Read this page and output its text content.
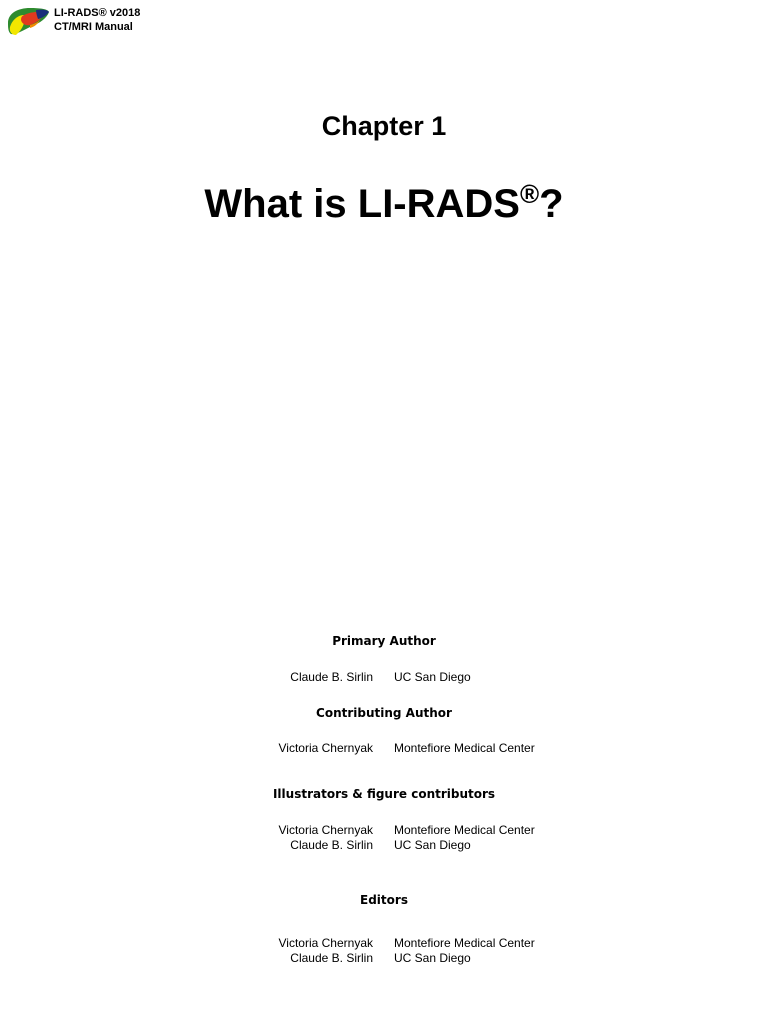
LI-RADS® v2018
CT/MRI Manual
Chapter 1
What is LI-RADS®?
Primary Author
Claude B. Sirlin UC San Diego
Contributing Author
Victoria Chernyak Montefiore Medical Center
Illustrators & figure contributors
Victoria Chernyak Montefiore Medical Center
Claude B. Sirlin UC San Diego
Editors
Victoria Chernyak Montefiore Medical Center
Claude B. Sirlin UC San Diego
